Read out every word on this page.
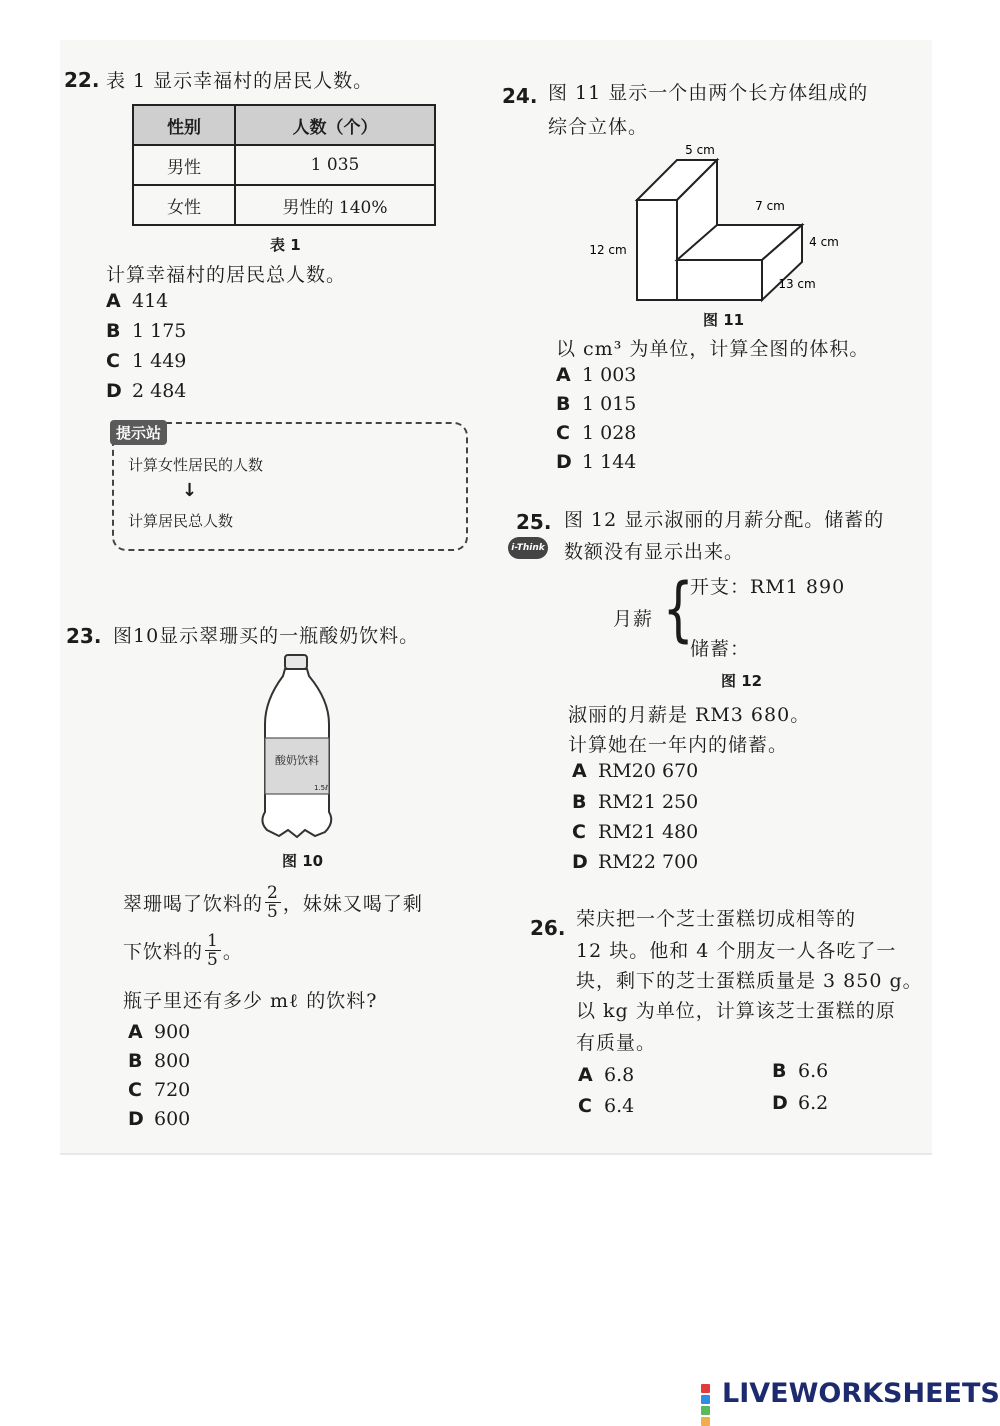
22. 表 1 显示幸福村的居民人数。
性别	人数（个）
男性	1 035
女性	男性的 140%
表 1
计算幸福村的居民总人数。
A 414
B 1 175
C 1 449
D 2 484
提示站
计算女性居民的人数
↓
计算居民总人数
23. 图10显示翠珊买的一瓶酸奶饮料。
酸奶饮料
1.5ℓ
图 10
翠珊喝了饮料的 $\frac{2}{5}$ ，妹妹又喝了剩
下饮料的 $\frac{1}{5}$ 。
瓶子里还有多少 mℓ 的饮料?
A 900
B 800
C 720
D 600
24. 图 11 显示一个由两个长方体组成的
综合立体。
5 cm
7 cm
4 cm
12 cm
13 cm
图 11
以 cm³ 为单位，计算全图的体积。
A 1 003
B 1 015
C 1 028
D 1 144
25. 图 12 显示淑丽的月薪分配。储蓄的
i-Think 数额没有显示出来。
月薪 {
开支：RM1 890
储蓄：
图 12
淑丽的月薪是 RM3 680。
计算她在一年内的储蓄。
A RM20 670
B RM21 250
C RM21 480
D RM22 700
26. 荣庆把一个芝士蛋糕切成相等的
12 块。他和 4 个朋友一人各吃了一
块，剩下的芝士蛋糕质量是 3 850 g。
以 kg 为单位，计算该芝士蛋糕的原
有质量。
A 6.8	B 6.6
C 6.4	D 6.2
LIVEWORKSHEETS
